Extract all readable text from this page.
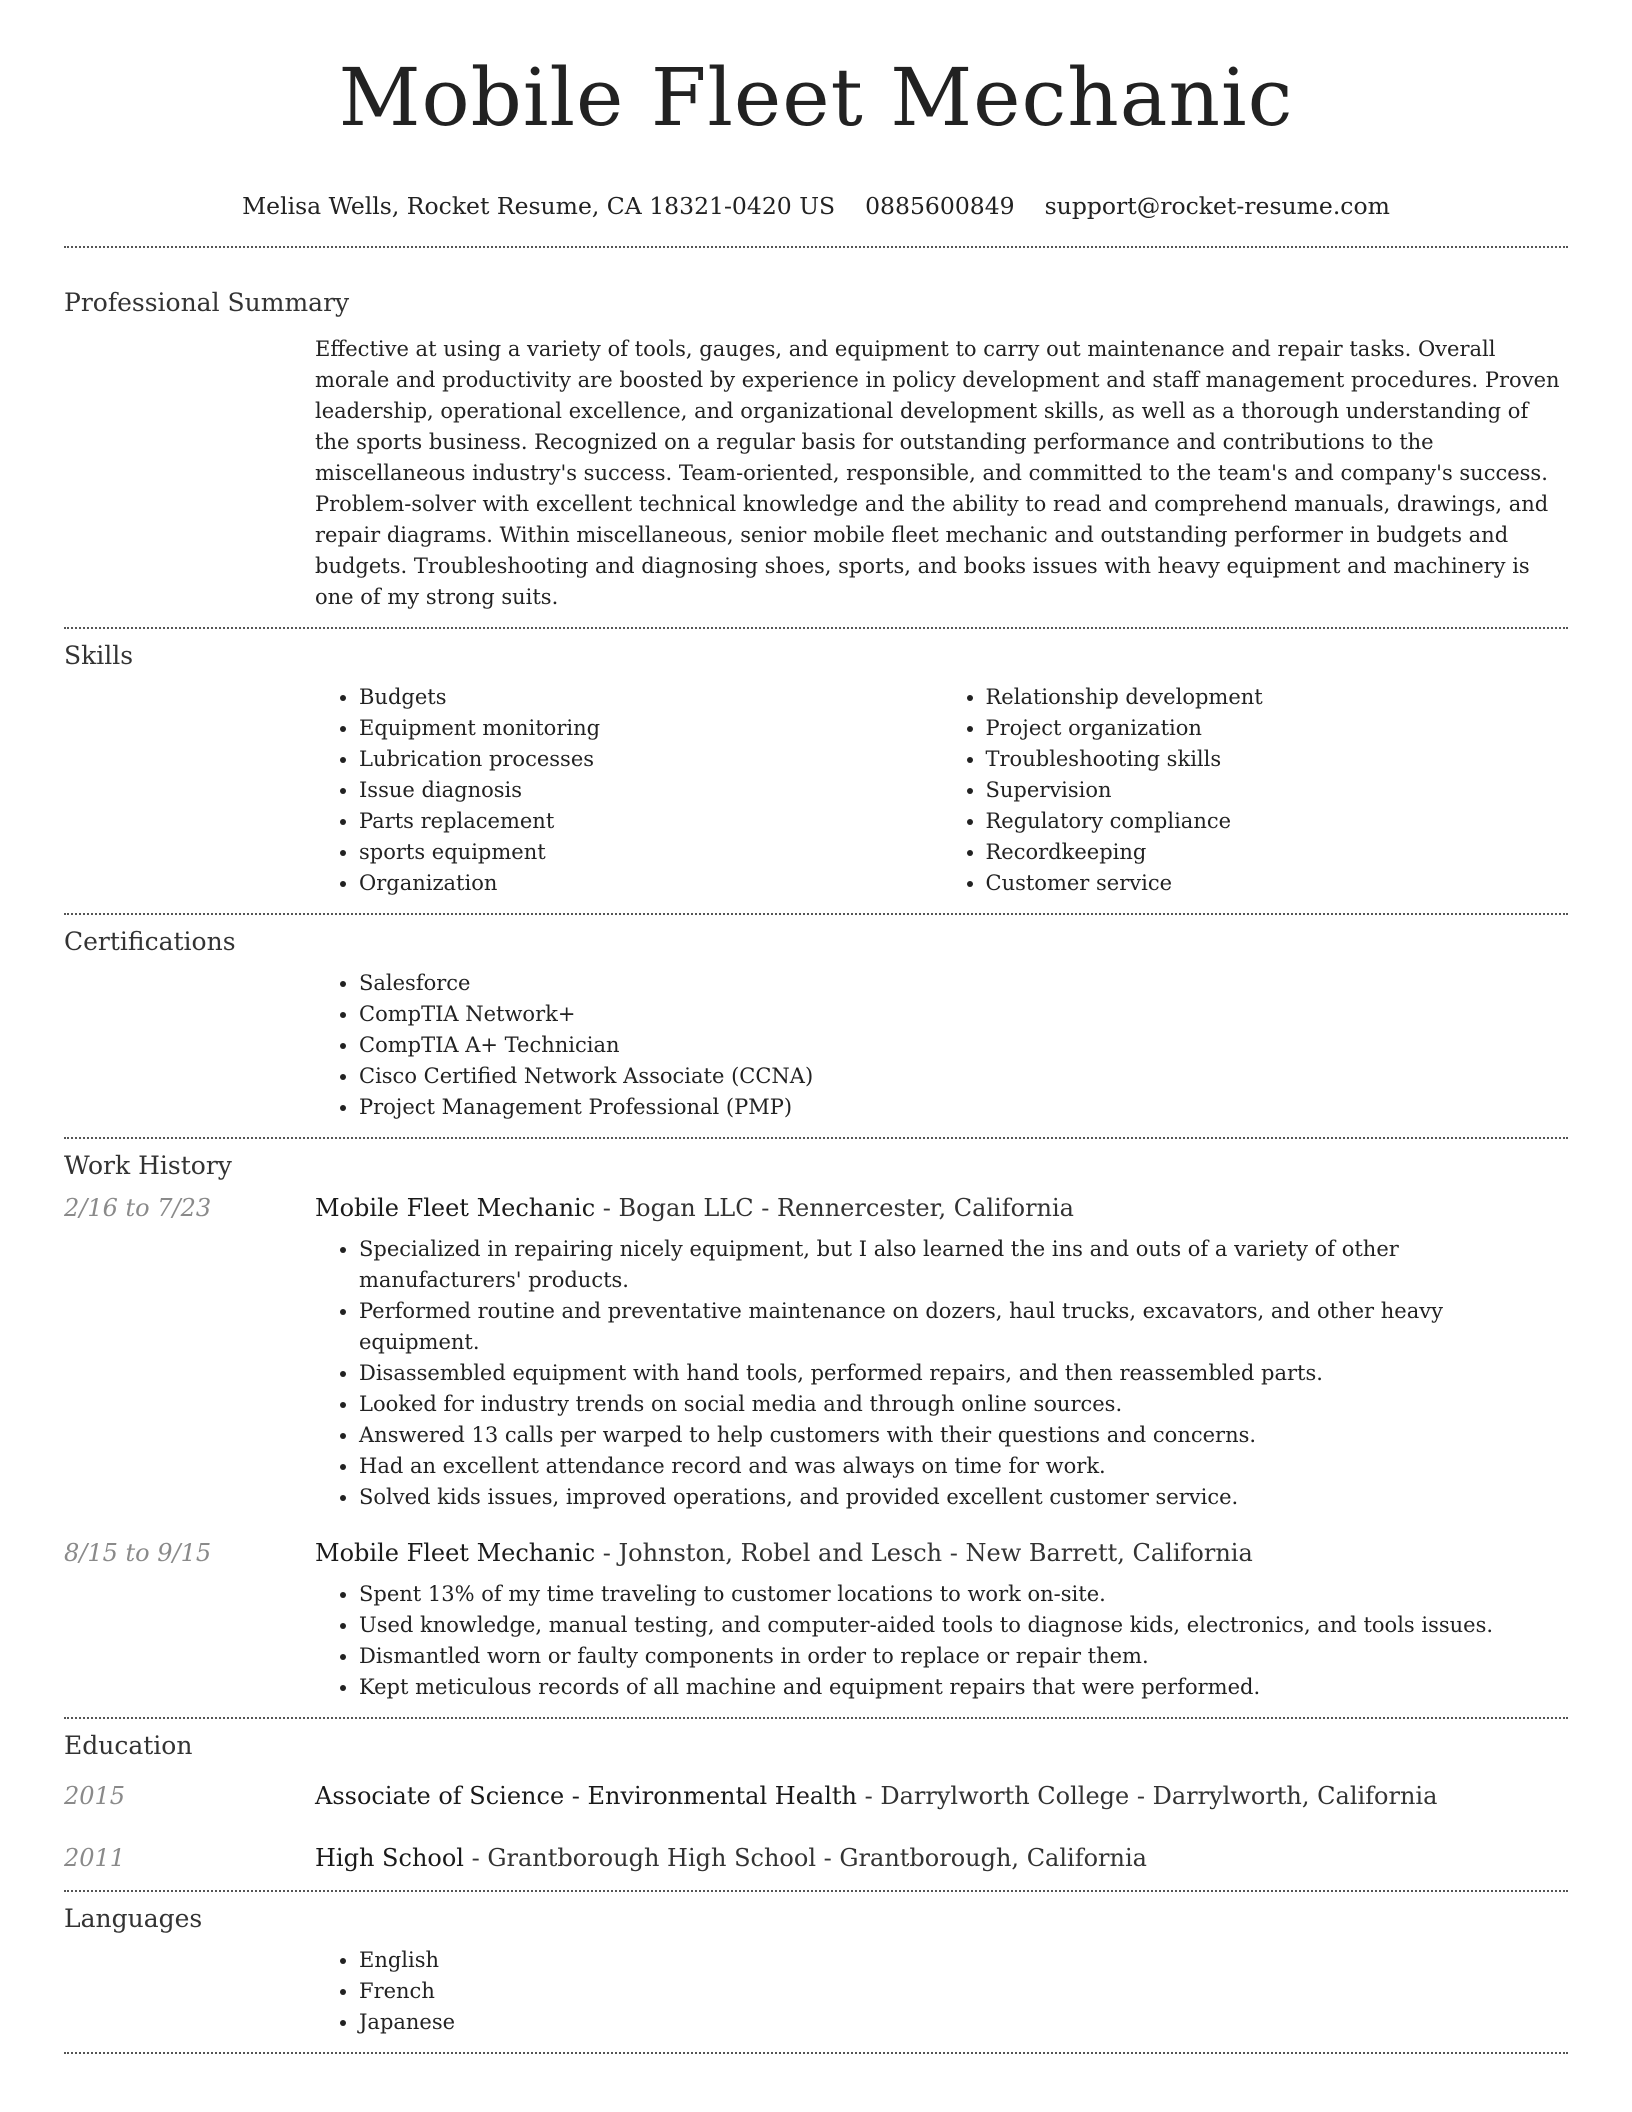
Mobile Fleet Mechanic
Melisa Wells, Rocket Resume, CA 18321-0420 US 0885600849 support@rocket-resume.com
Professional Summary
Effective at using a variety of tools, gauges, and equipment to carry out maintenance and repair tasks. Overall morale and productivity are boosted by experience in policy development and staff management procedures. Proven leadership, operational excellence, and organizational development skills, as well as a thorough understanding of the sports business. Recognized on a regular basis for outstanding performance and contributions to the miscellaneous industry's success. Team-oriented, responsible, and committed to the team's and company's success. Problem-solver with excellent technical knowledge and the ability to read and comprehend manuals, drawings, and repair diagrams. Within miscellaneous, senior mobile fleet mechanic and outstanding performer in budgets and budgets. Troubleshooting and diagnosing shoes, sports, and books issues with heavy equipment and machinery is one of my strong suits.
Skills
• Budgets
• Equipment monitoring
• Lubrication processes
• Issue diagnosis
• Parts replacement
• sports equipment
• Organization
• Relationship development
• Project organization
• Troubleshooting skills
• Supervision
• Regulatory compliance
• Recordkeeping
• Customer service
Certifications
• Salesforce
• CompTIA Network+
• CompTIA A+ Technician
• Cisco Certified Network Associate (CCNA)
• Project Management Professional (PMP)
Work History
2/16 to 7/23	Mobile Fleet Mechanic - Bogan LLC - Rennercester, California
• Specialized in repairing nicely equipment, but I also learned the ins and outs of a variety of other manufacturers' products.
• Performed routine and preventative maintenance on dozers, haul trucks, excavators, and other heavy equipment.
• Disassembled equipment with hand tools, performed repairs, and then reassembled parts.
• Looked for industry trends on social media and through online sources.
• Answered 13 calls per warped to help customers with their questions and concerns.
• Had an excellent attendance record and was always on time for work.
• Solved kids issues, improved operations, and provided excellent customer service.
8/15 to 9/15	Mobile Fleet Mechanic - Johnston, Robel and Lesch - New Barrett, California
• Spent 13% of my time traveling to customer locations to work on-site.
• Used knowledge, manual testing, and computer-aided tools to diagnose kids, electronics, and tools issues.
• Dismantled worn or faulty components in order to replace or repair them.
• Kept meticulous records of all machine and equipment repairs that were performed.
Education
2015	Associate of Science - Environmental Health - Darrylworth College - Darrylworth, California
2011	High School - Grantborough High School - Grantborough, California
Languages
• English
• French
• Japanese
